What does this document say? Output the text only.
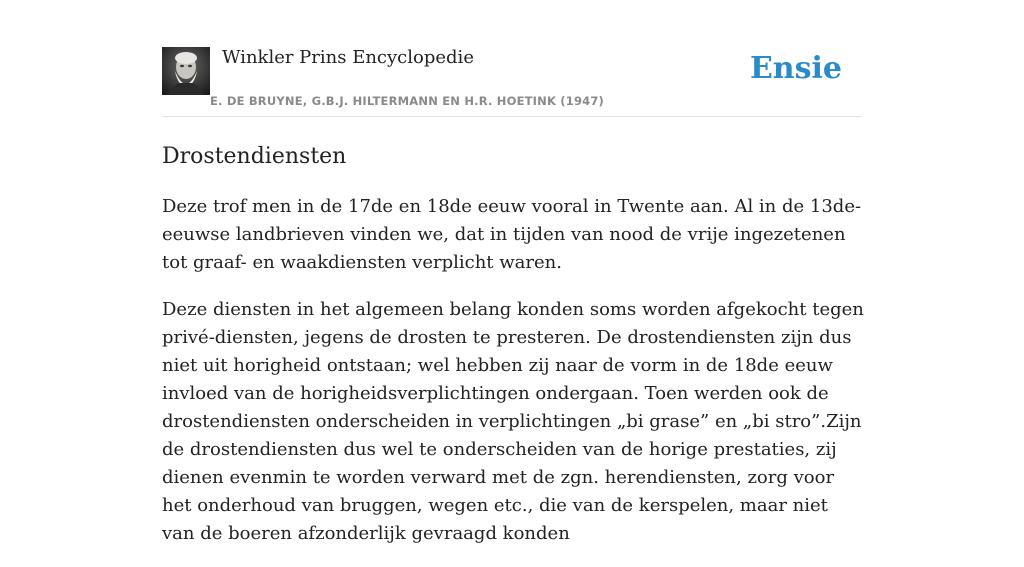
Winkler Prins Encyclopedie
E. DE BRUYNE, G.B.J. HILTERMANN EN H.R. HOETINK (1947)
Ensie
Drostendiensten

Deze trof men in de 17de en 18de eeuw vooral in Twente aan. Al in de 13de-eeuwse landbrieven vinden we, dat in tijden van nood de vrije ingezetenen tot graaf- en waakdiensten verplicht waren.

Deze diensten in het algemeen belang konden soms worden afgekocht tegen privé-diensten, jegens de drosten te presteren. De drostendiensten zijn dus niet uit horigheid ontstaan; wel hebben zij naar de vorm in de 18de eeuw invloed van de horigheidsverplichtingen ondergaan. Toen werden ook de drostendiensten onderscheiden in verplichtingen „bi grase” en „bi stro”.Zijn de drostendiensten dus wel te onderscheiden van de horige prestaties, zij dienen evenmin te worden verward met de zgn. herendiensten, zorg voor het onderhoud van bruggen, wegen etc., die van de kerspelen, maar niet van de boeren afzonderlijk gevraagd konden
